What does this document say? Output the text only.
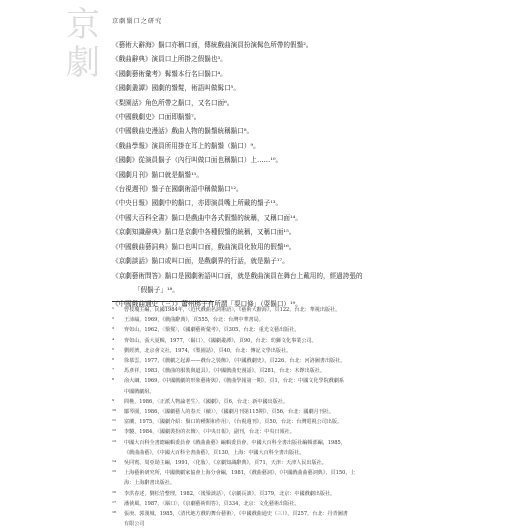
京劇
京劇鬚口之研究
《藝術大辭海》鬍口亦稱口面，傳統戲曲演員扮演髯色所帶的假鬚²。
《戲曲辭典》演員口上所掛之假鬍也³。
《國劇藝術彙考》髯鬚本行名曰鬍口⁴。
《國劇叢譚》國劇的鬚髮，術語叫做髯口⁵。
《梨園話》角色所帶之鬍口，又名口面⁶。
《中國戲劇史》口面即鬍鬚⁷。
《中國戲曲史漫話》戲曲人物的鬍鬚統稱鬍口⁸。
《戲曲學報》演員所用掛在耳上的鬍鬚（鬍口）⁹。
《國劇》從演員鬍子（內行叫做口面也稱鬍口）上……¹⁰。
《國劇月刊》鬍口就是鬍鬚¹¹。
《台視週刊》鬚子在國劇術語中稱做鬍口¹²。
《中央日報》國劇中的鬍口，亦即演員嘴上所戴的鬚子¹³。
《中國大百科全書》鬍口是戲曲中各式假鬚的統稱，又稱口面¹⁴。
《京劇知識辭典》鬍口是京劇中各種假鬚的統稱，又稱口面¹⁵。
《中國戲曲藝詞典》鬍口也叫口面，戲曲演員化妝用的假鬚¹⁶。
《京劇談話》鬍口或叫口面，是戲劇界的行話，就是鬍子¹⁷。
《京劇藝術問答》鬍口是國劇術語叫口面，就是戲曲演員在舞台上戴用的，經過誇張的
「假鬍子」¹⁸。
《中國戲曲通史（三）》蕭州梆子有所謂「耍口條」（耍鬍口）¹⁹。
¹ 曾枝瓊主編，民國1984年，〈近代戲曲名詞術語〉，《藝術大辭海》，頁122，台北：華視出版社。
² 王沛綸，1969，《戲曲辭典》，頁555，台北：台灣中華書局。
³ 齊如山，1962，〈鬚髮〉，《國劇藝術彙考》，頁305，台北：重光文藝出版社。
⁴ 齊如山，張大夏輯，1977，〈鬍口〉，《國劇叢譚》，頁90，台北：幼獅文化事業公司。
⁵ 劉經濟，北京會文社，1974，《梨園話》，頁40，台北：傳記文學出版社。
⁶ 徐慕雲，1977，《戲劇之起源——戲台之裝飾》，《中國戲劇史》，頁226，台北：河洛圖書出版社。
⁷ 馬彥祥，1983，《戲曲的服裝與道具》，《中國戲曲史漫話》，頁281，台北：木鐸出版社。
⁸ 俞大綱，1969，《中國戲劇的形象藝術與》，《戲曲學報第一期》，頁1，台北：中國文化學院戲劇系
中國戲劇組。
⁹ 問樵，1986，〈正派人物論老生〉，《國劇》，頁6，台北：新中國出版社。
¹⁰ 鄒琴園，1986，〈國劇藝人的春天（續）〉，《國劇月刊第115期》，頁56，台北：國劇月刊社。
¹¹ 富蘭，1975，〈國劇介紹：鬚口的種類和作用〉，《台視週刊》，頁50，台北：台灣電視公司出版。
¹² 李驍，1984，〈國劇裝扮的衣飾〉，《中央日報》，副刊，台北：中央日報社。
¹³ 中國大百科全書總編輯委員會《戲曲曲藝》編輯委員會，中國大百科全書出版社編輯部編，1985，
《戲曲曲藝》，《中國大百科全書曲藝》，頁130，上海：中國大百科全書出版社。
¹⁴ 吳同賓、周亞勛主編，1991，〈化妝〉，《京劇知識辭典》，頁71，天津：天津人民出版社。
¹⁵ 上海藝術研究所，中國戲劇家協會上海分會編，1981，《戲曲藝詞》，《中國戲曲曲藝詞典》，頁150，上
海：上海辭書出版社。
¹⁶ 李洪春述，劉松岩整理，1982，〈後鬚談話〉，《京劇長談》，頁379，北京：中國戲劇出版社。
¹⁷ 潘俠風，1987，〈鬍口〉，《京劇藝術問答》，頁334，北京：文化藝術出版社。
¹⁸ 張庚、郭漢城，1985，〈清代地方戲的舞台藝術〉，《中國戲曲通史（三）》，頁257，台北：丹青圖書
有限公司
